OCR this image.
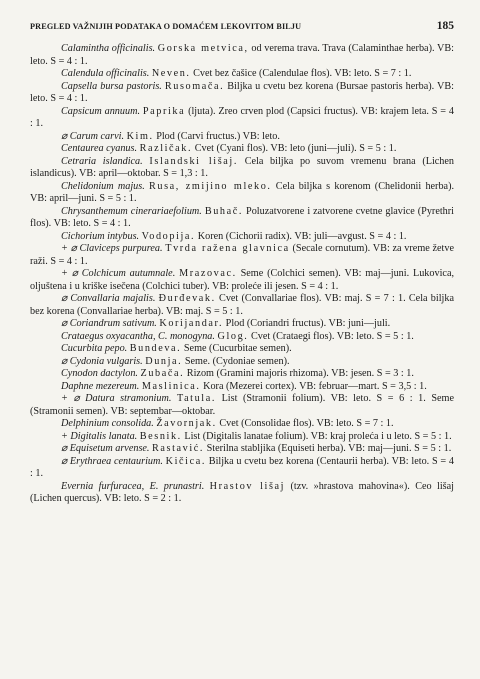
PREGLED VAŽNIJIH PODATAKA O DOMAĆEM LEKOVITOM BILJU	185

Calamintha officinalis. Gorska metvica, od verema trava. Trava (Calaminthae herba). VB: leto. S = 4 : 1.

Calendula officinalis. Neven. Cvet bez čašice (Calendulae flos). VB: leto. S = 7 : 1.

Capsella bursa pastoris. Rusomača. Biljka u cvetu bez korena (Bursae pastoris herba). VB: leto. S = 4 : 1.

Capsicum annuum. Paprika (ljuta). Zreo crven plod (Capsici fructus). VB: krajem leta. S = 4 : 1.

⌀ Carum carvi. Kim. Plod (Carvi fructus.) VB: leto.

Centaurea cyanus. Različak. Cvet (Cyani flos). VB: leto (juni—juli). S = 5 : 1.

Cetraria islandica. Islandski lišaj. Cela biljka po suvom vremenu brana (Lichen islandicus). VB: april—oktobar. S = 1,3 : 1.

Chelidonium majus. Rusa, zmijino mleko. Cela biljka s korenom (Chelidonii herba). VB: april—juni. S = 5 : 1.

Chrysanthemum cinerariaefolium. Buhač. Poluzatvorene i zatvorene cvetne glavice (Pyrethri flos). VB: leto. S = 4 : 1.

Cichorium intybus. Vodopija. Koren (Cichorii radix). VB: juli—avgust. S = 4 : 1.

+ ⌀ Claviceps purpurea. Tvrda ražena glavnica (Secale cornutum). VB: za vreme žetve raži. S = 4 : 1.

+ ⌀ Colchicum autumnale. Mrazovac. Seme (Colchici semen). VB: maj—juni. Lukovica, oljuštena i u kriške isečena (Colchici tuber). VB: proleće ili jesen. S = 4 : 1.

⌀ Convallaria majalis. Đurđevak. Cvet (Convallariae flos). VB: maj. S = 7 : 1. Cela biljka bez korena (Convallariae herba). VB: maj. S = 5 : 1.

⌀ Coriandrum sativum. Korijandar. Plod (Coriandri fructus). VB: juni—juli.

Crataegus oxyacantha, C. monogyna. Glog. Cvet (Crataegi flos). VB: leto. S = 5 : 1.

Cucurbita pepo. Bundeva. Seme (Cucurbitae semen).

⌀ Cydonia vulgaris. Dunja. Seme. (Cydoniae semen).

Cynodon dactylon. Zubača. Rizom (Gramini majoris rhizoma). VB: jesen. S = 3 : 1.

Daphne mezereum. Maslinica. Kora (Mezerei cortex). VB: februar—mart. S = 3,5 : 1.

+ ⌀ Datura stramonium. Tatula. List (Stramonii folium). VB: leto. S = 6 : 1. Seme (Stramonii semen). VB: septembar—oktobar.

Delphinium consolida. Žavornjak. Cvet (Consolidae flos). VB: leto. S = 7 : 1.

+ Digitalis lanata. Besnik. List (Digitalis lanatae folium). VB: kraj proleća i u leto. S = 5 : 1.

⌀ Equisetum arvense. Rastavić. Sterilna stabljika (Equiseti herba). VB: maj—juni. S = 5 : 1.

⌀ Erythraea centaurium. Kičica. Biljka u cvetu bez korena (Centaurii herba). VB: leto. S = 4 : 1.

Evernia furfuracea, E. prunastri. Hrastov lišaj (tzv. »hrastova mahovina«). Ceo lišaj (Lichen quercus). VB: leto. S = 2 : 1.
